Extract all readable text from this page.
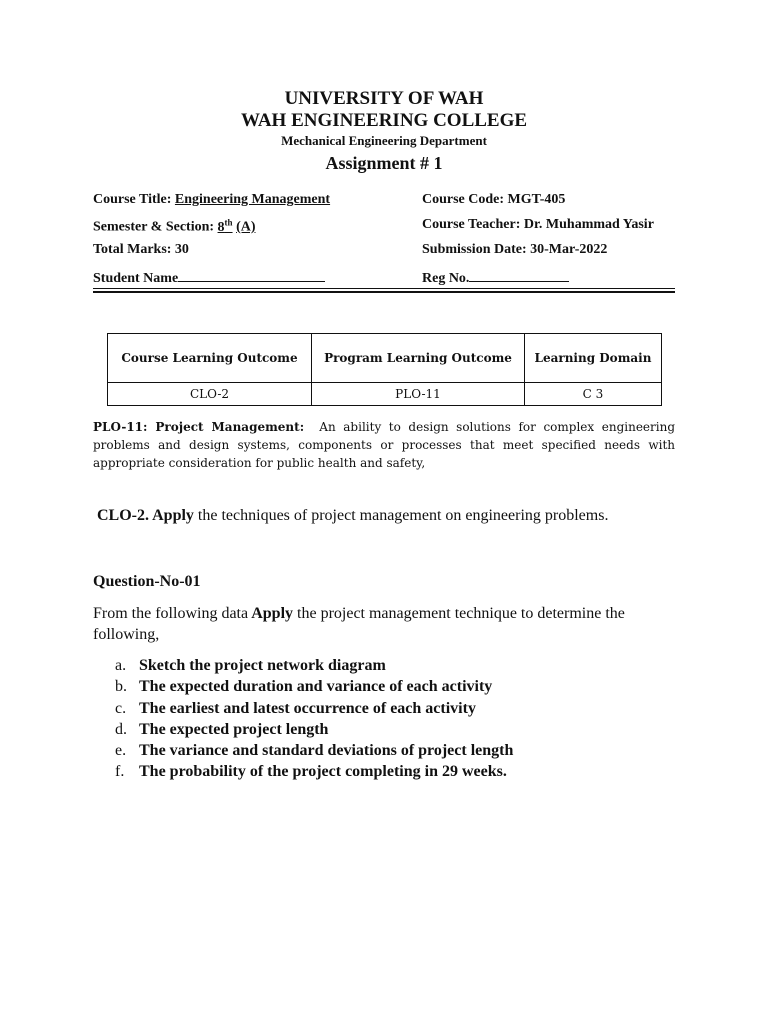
UNIVERSITY OF WAH
WAH ENGINEERING COLLEGE
Mechanical Engineering Department
Assignment # 1
Course Title: Engineering Management	Course Code: MGT-405
Semester & Section: 8th (A)	Course Teacher: Dr. Muhammad Yasir
Total Marks: 30	Submission Date: 30-Mar-2022
Student Name	Reg No.
Course Learning Outcome	Program Learning Outcome	Learning Domain
CLO-2	PLO-11	C 3
PLO-11: Project Management: An ability to design solutions for complex engineering problems and design systems, components or processes that meet specified needs with appropriate consideration for public health and safety,
CLO-2. Apply the techniques of project management on engineering problems.
Question-No-01
From the following data Apply the project management technique to determine the following,
a. Sketch the project network diagram
b. The expected duration and variance of each activity
c. The earliest and latest occurrence of each activity
d. The expected project length
e. The variance and standard deviations of project length
f. The probability of the project completing in 29 weeks.
